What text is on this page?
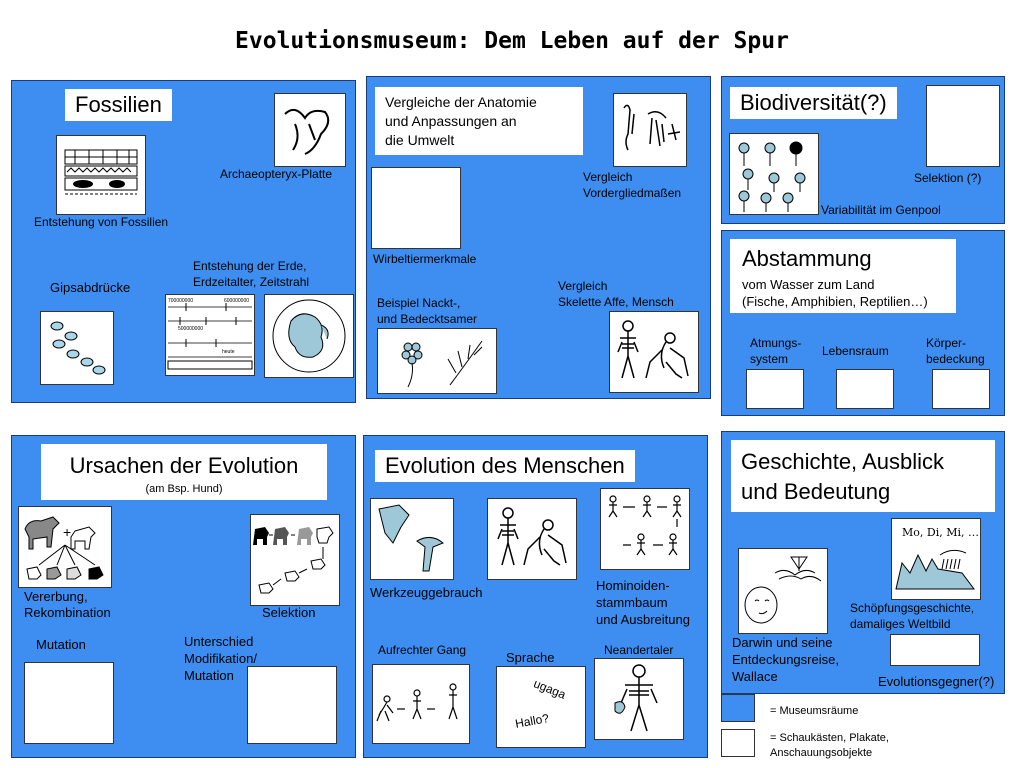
Evolutionsmuseum: Dem Leben auf der Spur
Fossilien
Archaeopteryx-Platte
Entstehung von Fossilien
Entstehung der Erde,
Erdzeitalter, Zeitstrahl
Gipsabdrücke
700000000	600000000
500000000
heute
Vergleiche der Anatomie
und Anpassungen an
die Umwelt
Vergleich
Vordergliedmaßen
Wirbeltiermerkmale
Vergleich
Skelette Affe, Mensch
Beispiel Nackt-,
und Bedecktsamer
Biodiversität(?)
Selektion (?)
Variabilität im Genpool
Abstammung
vom Wasser zum Land
(Fische, Amphibien, Reptilien…)
Atmungs-
system
Lebensraum
Körper-
bedeckung
Ursachen der Evolution
(am Bsp. Hund)
+
Vererbung,
Rekombination	Selektion
Mutation	Unterschied
Modifikation/
Mutation
Evolution des Menschen
Werkzeuggebrauch	Hominoiden-
stammbaum
und Ausbreitung
Aufrechter Gang	Sprache	Neandertaler
ugaga
Hallo?
Geschichte, Ausblick
und Bedeutung
Mo, Di, Mi, …
Schöpfungsgeschichte,
damaliges Weltbild
Darwin und seine
Entdeckungsreise,
Wallace	Evolutionsgegner(?)
= Museumsräume
= Schaukästen, Plakate,
Anschauungsobjekte
